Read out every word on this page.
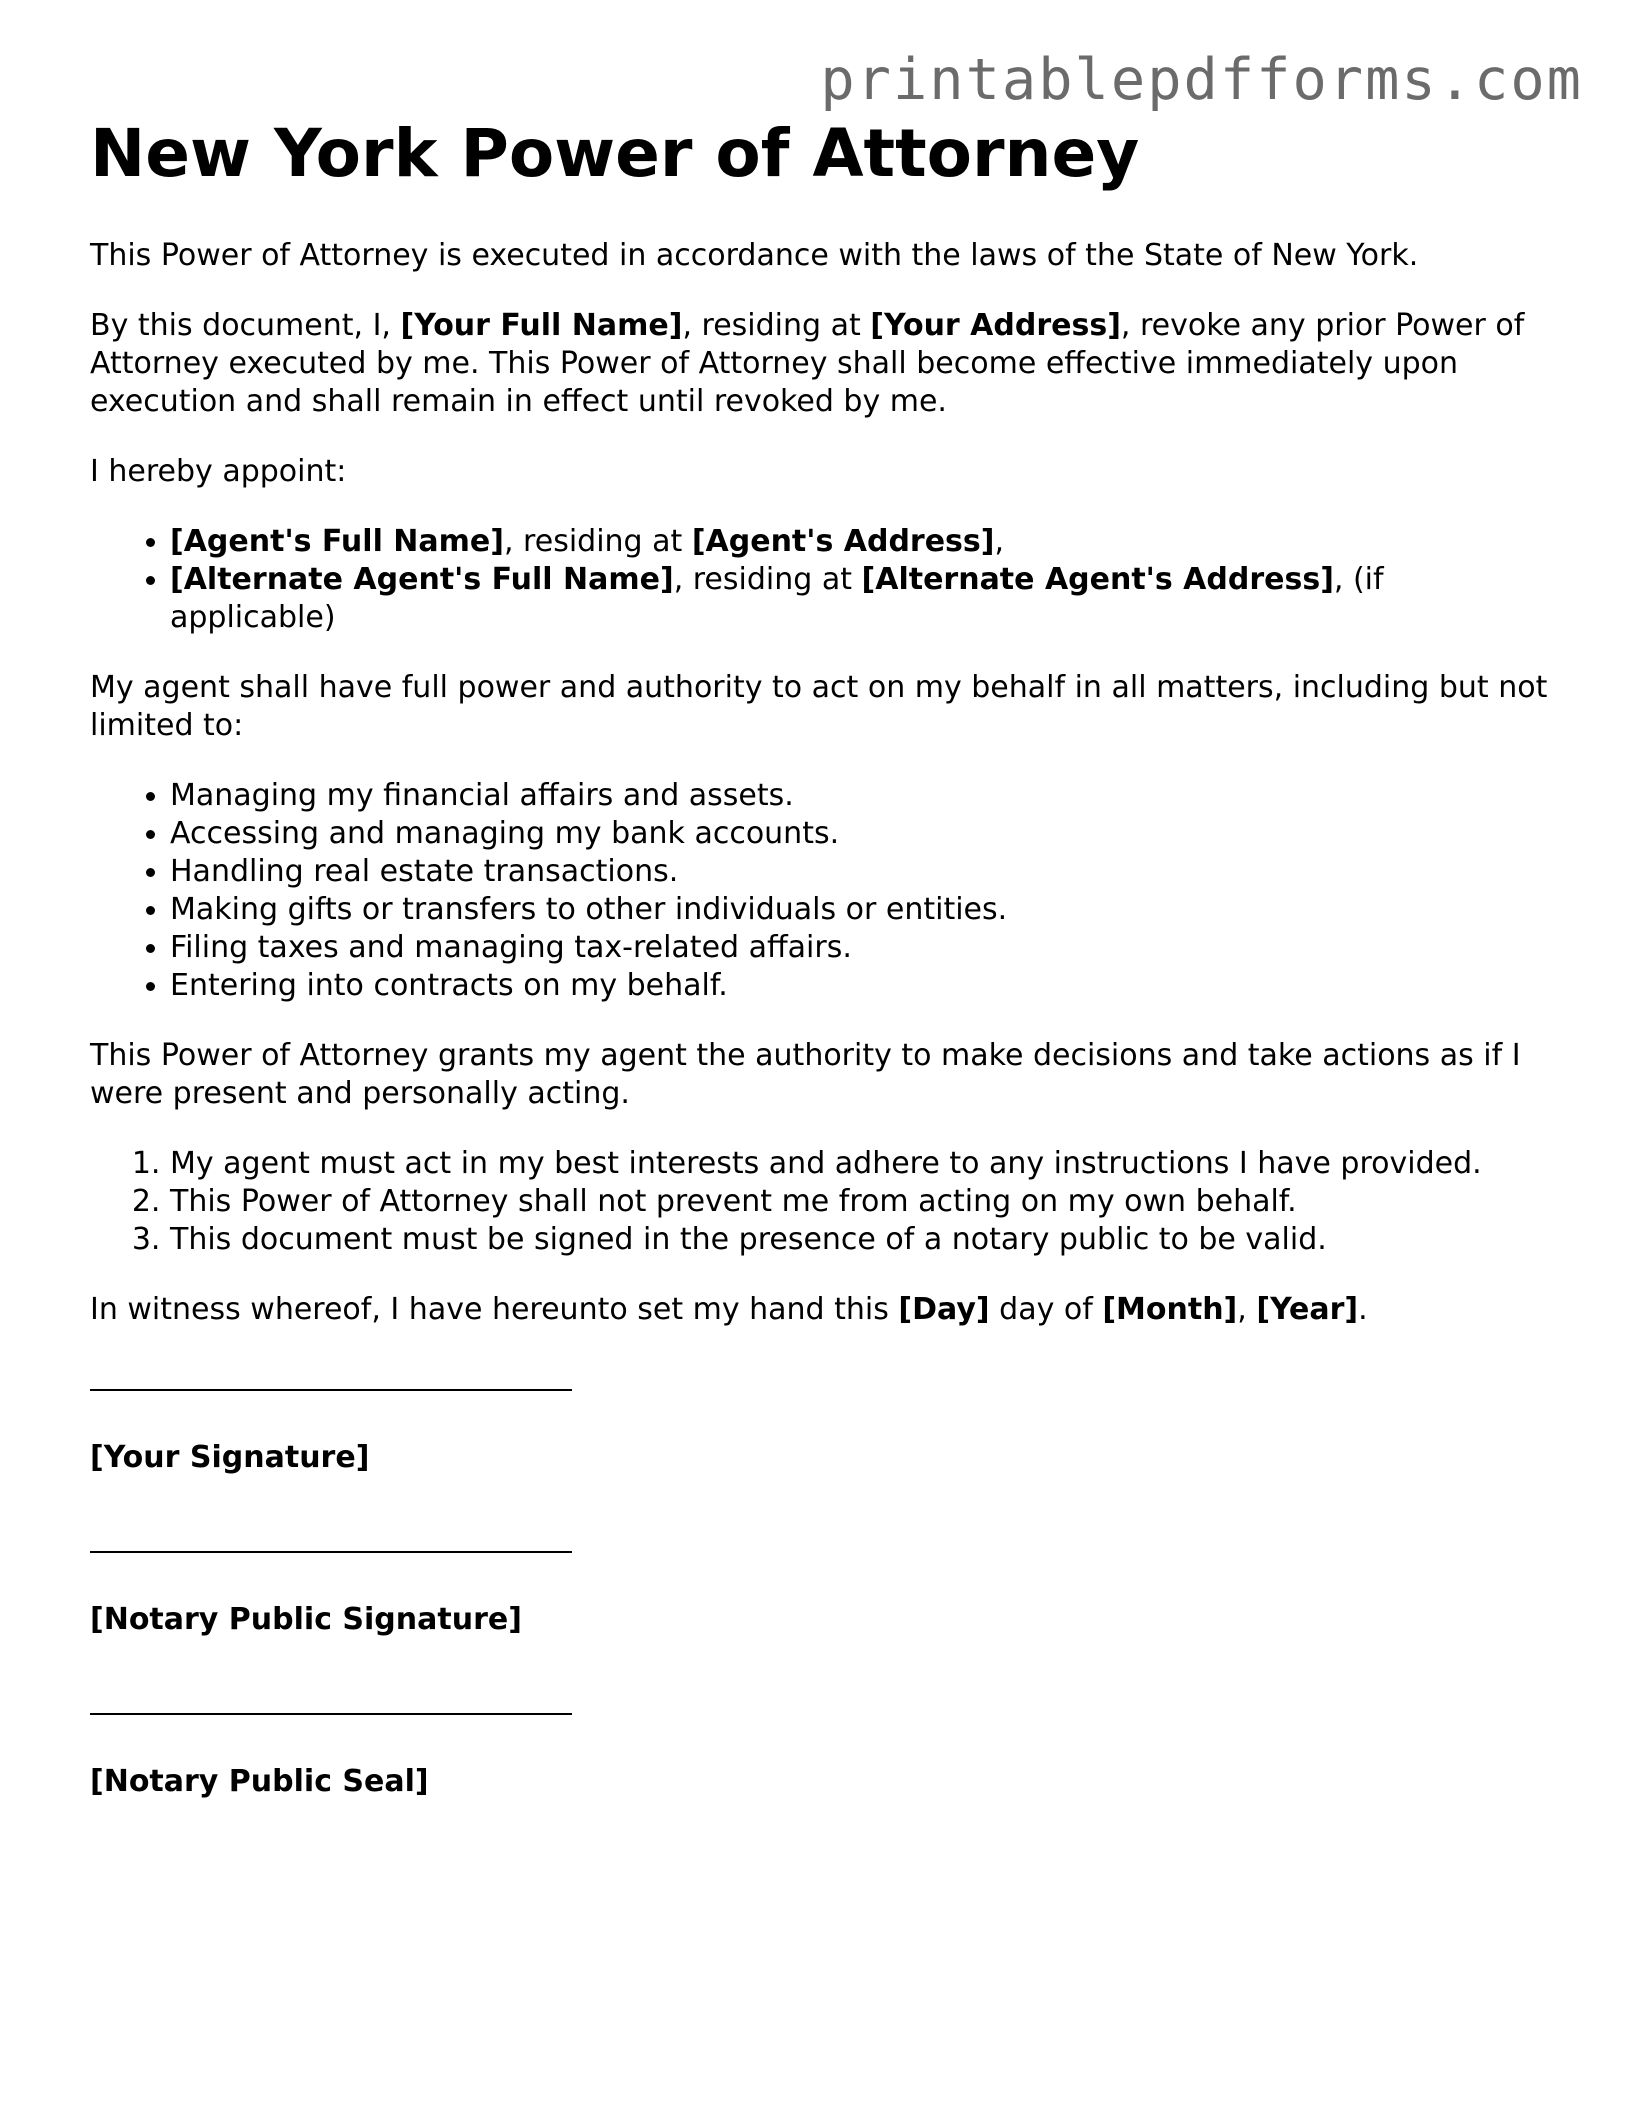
printablepdfforms.com
New York Power of Attorney

This Power of Attorney is executed in accordance with the laws of the State of New York.

By this document, I, [Your Full Name], residing at [Your Address], revoke any prior Power of Attorney executed by me. This Power of Attorney shall become effective immediately upon execution and shall remain in effect until revoked by me.

I hereby appoint:

• [Agent's Full Name], residing at [Agent's Address],
• [Alternate Agent's Full Name], residing at [Alternate Agent's Address], (if applicable)

My agent shall have full power and authority to act on my behalf in all matters, including but not limited to:

• Managing my financial affairs and assets.
• Accessing and managing my bank accounts.
• Handling real estate transactions.
• Making gifts or transfers to other individuals or entities.
• Filing taxes and managing tax-related affairs.
• Entering into contracts on my behalf.

This Power of Attorney grants my agent the authority to make decisions and take actions as if I were present and personally acting.

1. My agent must act in my best interests and adhere to any instructions I have provided.
2. This Power of Attorney shall not prevent me from acting on my own behalf.
3. This document must be signed in the presence of a notary public to be valid.

In witness whereof, I have hereunto set my hand this [Day] day of [Month], [Year].

[Your Signature]
[Notary Public Signature]
[Notary Public Seal]
